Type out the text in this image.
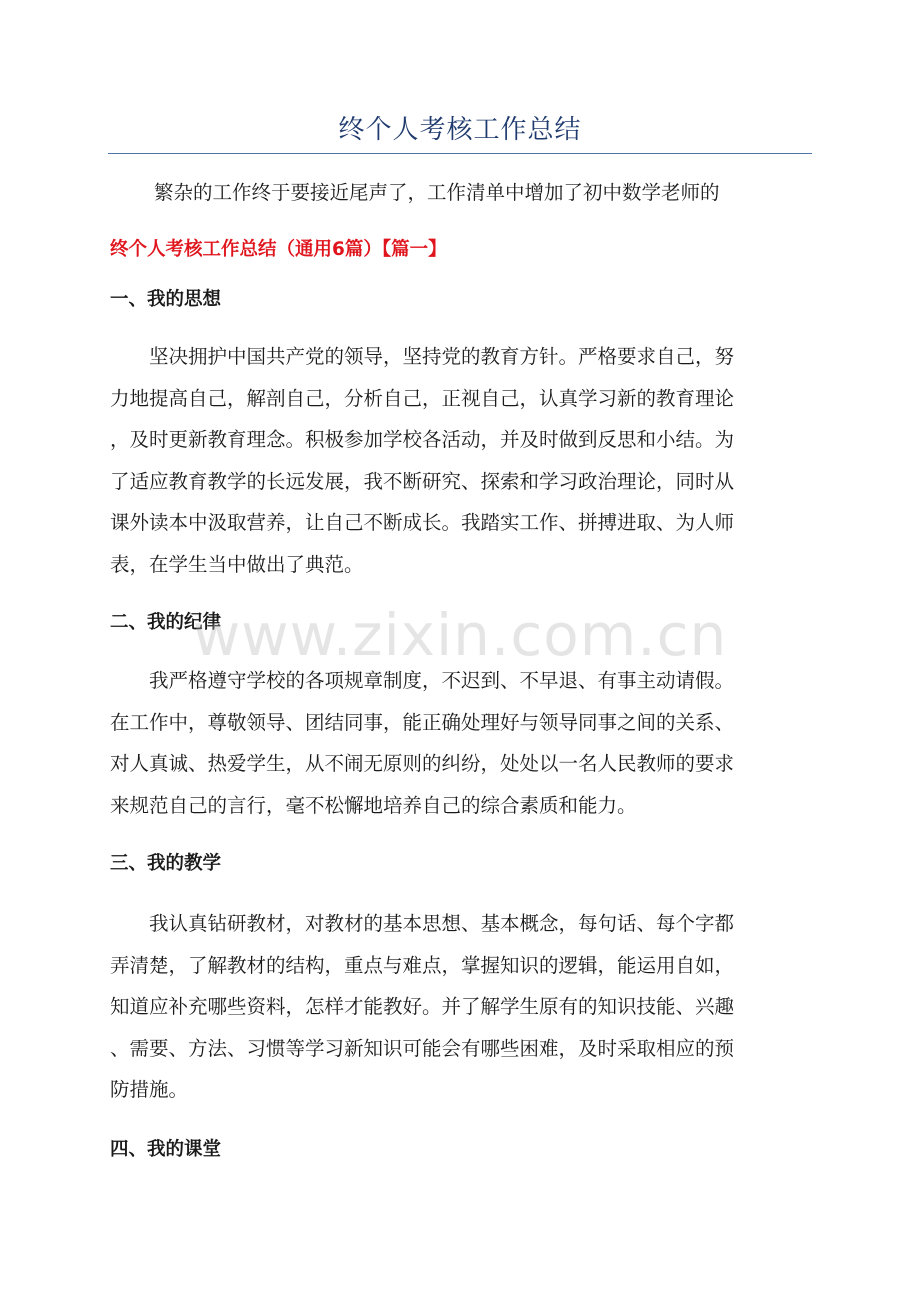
终个人考核工作总结
繁杂的工作终于要接近尾声了，工作清单中增加了初中数学老师的
终个人考核工作总结（通用6篇）【篇一】
一、我的思想
坚决拥护中国共产党的领导，坚持党的教育方针。严格要求自己，努
力地提高自己，解剖自己，分析自己，正视自己，认真学习新的教育理论
，及时更新教育理念。积极参加学校各活动，并及时做到反思和小结。为
了适应教育教学的长远发展，我不断研究、探索和学习政治理论，同时从
课外读本中汲取营养，让自己不断成长。我踏实工作、拼搏进取、为人师
表，在学生当中做出了典范。
二、我的纪律
我严格遵守学校的各项规章制度，不迟到、不早退、有事主动请假。
在工作中，尊敬领导、团结同事，能正确处理好与领导同事之间的关系、
对人真诚、热爱学生，从不闹无原则的纠纷，处处以一名人民教师的要求
来规范自己的言行，毫不松懈地培养自己的综合素质和能力。
三、我的教学
我认真钻研教材，对教材的基本思想、基本概念，每句话、每个字都
弄清楚，了解教材的结构，重点与难点，掌握知识的逻辑，能运用自如，
知道应补充哪些资料，怎样才能教好。并了解学生原有的知识技能、兴趣
、需要、方法、习惯等学习新知识可能会有哪些困难，及时采取相应的预
防措施。
四、我的课堂
www.zixin.com.cn
